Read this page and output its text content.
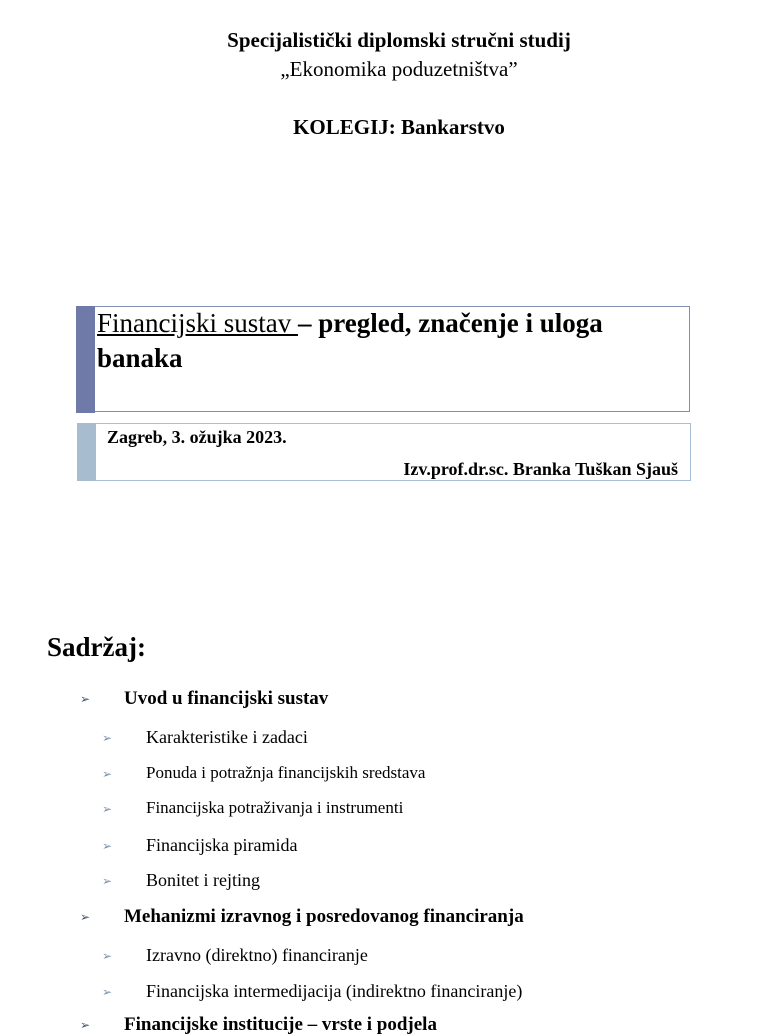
Specijalistički diplomski stručni studij
„Ekonomika poduzetništva”
KOLEGIJ: Bankarstvo
Financijski sustav – pregled, značenje i uloga banaka
Zagreb, 3. ožujka 2023.
Izv.prof.dr.sc. Branka Tuškan Sjauš
Sadržaj:
➢ Uvod u financijski sustav
➢ Karakteristike i zadaci
➢ Ponuda i potražnja financijskih sredstava
➢ Financijska potraživanja i instrumenti
➢ Financijska piramida
➢ Bonitet i rejting
➢ Mehanizmi izravnog i posredovanog financiranja
➢ Izravno (direktno) financiranje
➢ Financijska intermedijacija (indirektno financiranje)
➢ Financijske institucije – vrste i podjela
